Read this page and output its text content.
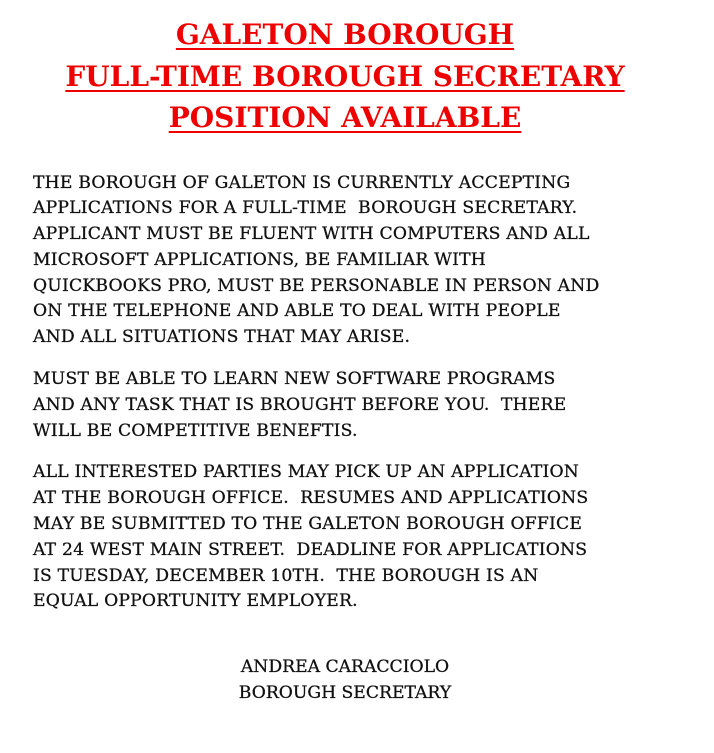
GALETON BOROUGH
FULL-TIME BOROUGH SECRETARY
POSITION AVAILABLE
THE BOROUGH OF GALETON IS CURRENTLY ACCEPTING
APPLICATIONS FOR A FULL-TIME  BOROUGH SECRETARY.
APPLICANT MUST BE FLUENT WITH COMPUTERS AND ALL
MICROSOFT APPLICATIONS, BE FAMILIAR WITH
QUICKBOOKS PRO, MUST BE PERSONABLE IN PERSON AND
ON THE TELEPHONE AND ABLE TO DEAL WITH PEOPLE
AND ALL SITUATIONS THAT MAY ARISE.
MUST BE ABLE TO LEARN NEW SOFTWARE PROGRAMS
AND ANY TASK THAT IS BROUGHT BEFORE YOU.  THERE
WILL BE COMPETITIVE BENEFTIS.
ALL INTERESTED PARTIES MAY PICK UP AN APPLICATION
AT THE BOROUGH OFFICE.  RESUMES AND APPLICATIONS
MAY BE SUBMITTED TO THE GALETON BOROUGH OFFICE
AT 24 WEST MAIN STREET.  DEADLINE FOR APPLICATIONS
IS TUESDAY, DECEMBER 10TH.  THE BOROUGH IS AN
EQUAL OPPORTUNITY EMPLOYER.
ANDREA CARACCIOLO
BOROUGH SECRETARY
